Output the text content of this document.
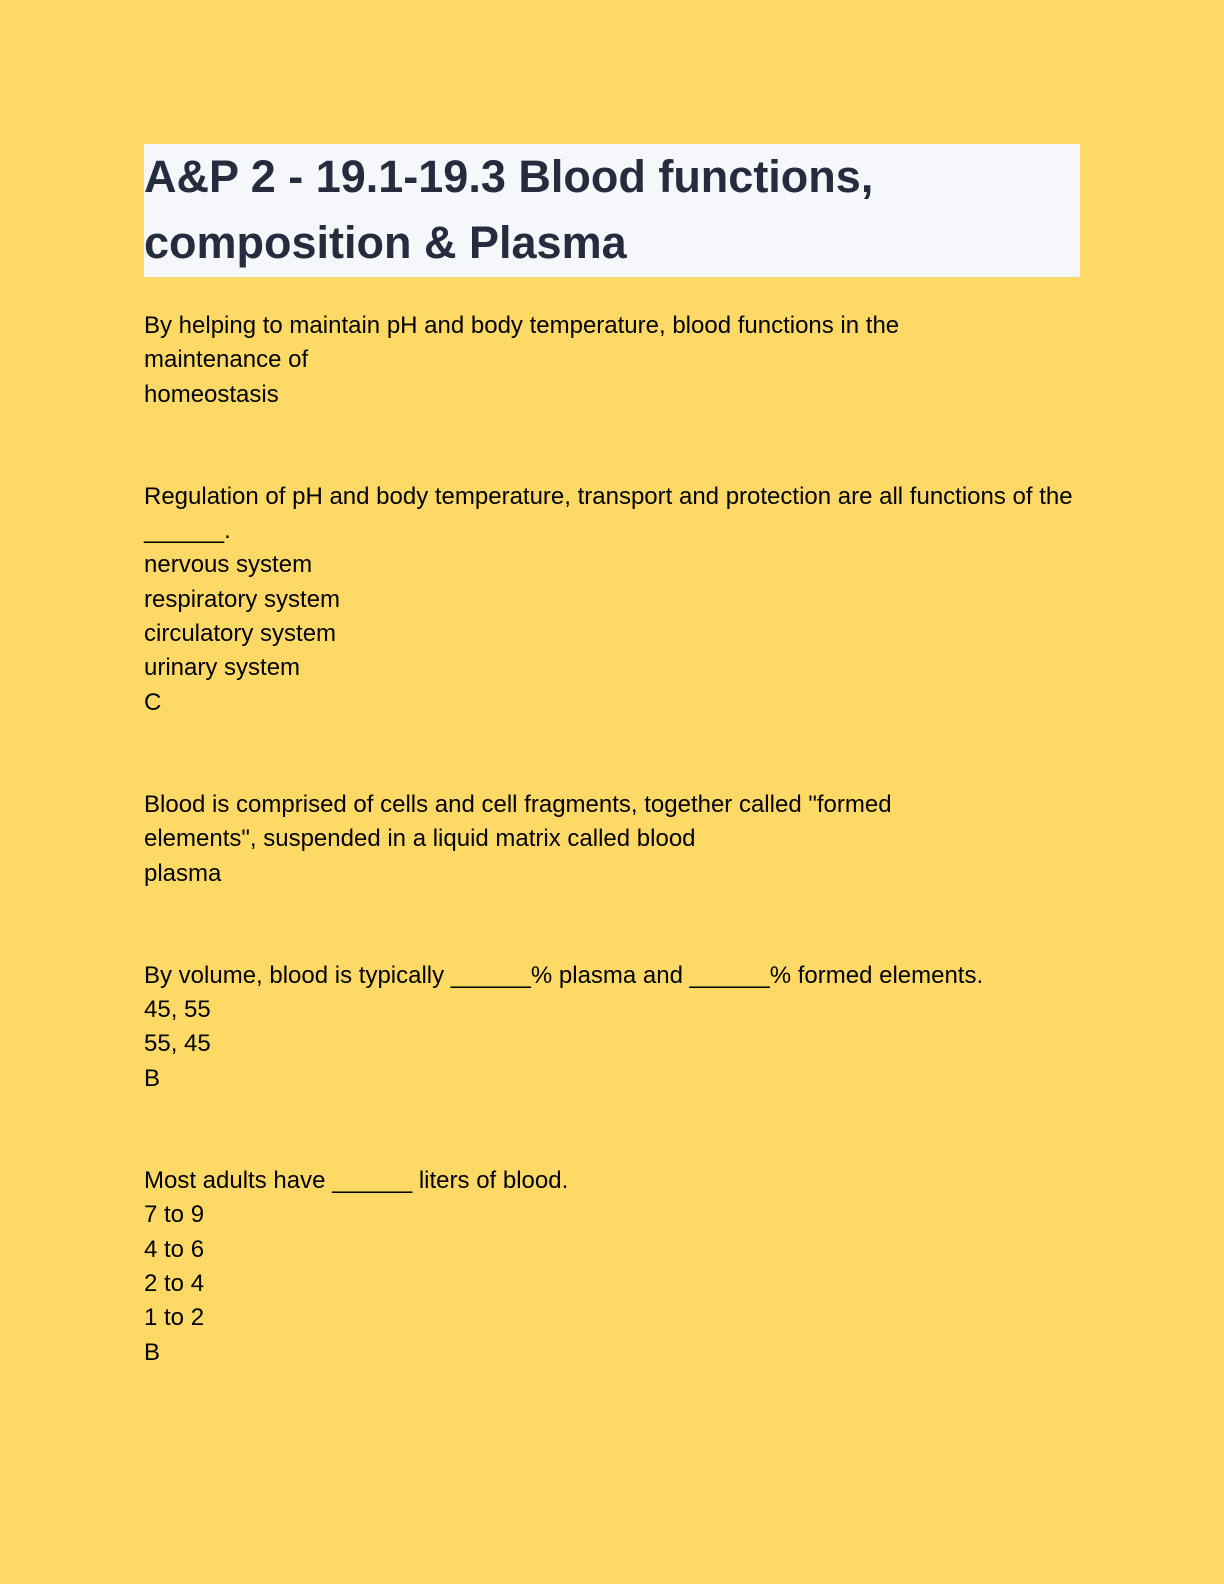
A&P 2 - 19.1-19.3 Blood functions, composition & Plasma
By helping to maintain pH and body temperature, blood functions in the maintenance of
homeostasis
Regulation of pH and body temperature, transport and protection are all functions of the ______.
nervous system
respiratory system
circulatory system
urinary system
C
Blood is comprised of cells and cell fragments, together called "formed elements", suspended in a liquid matrix called blood
plasma
By volume, blood is typically ______% plasma and ______% formed elements.
45, 55
55, 45
B
Most adults have ______ liters of blood.
7 to 9
4 to 6
2 to 4
1 to 2
B
